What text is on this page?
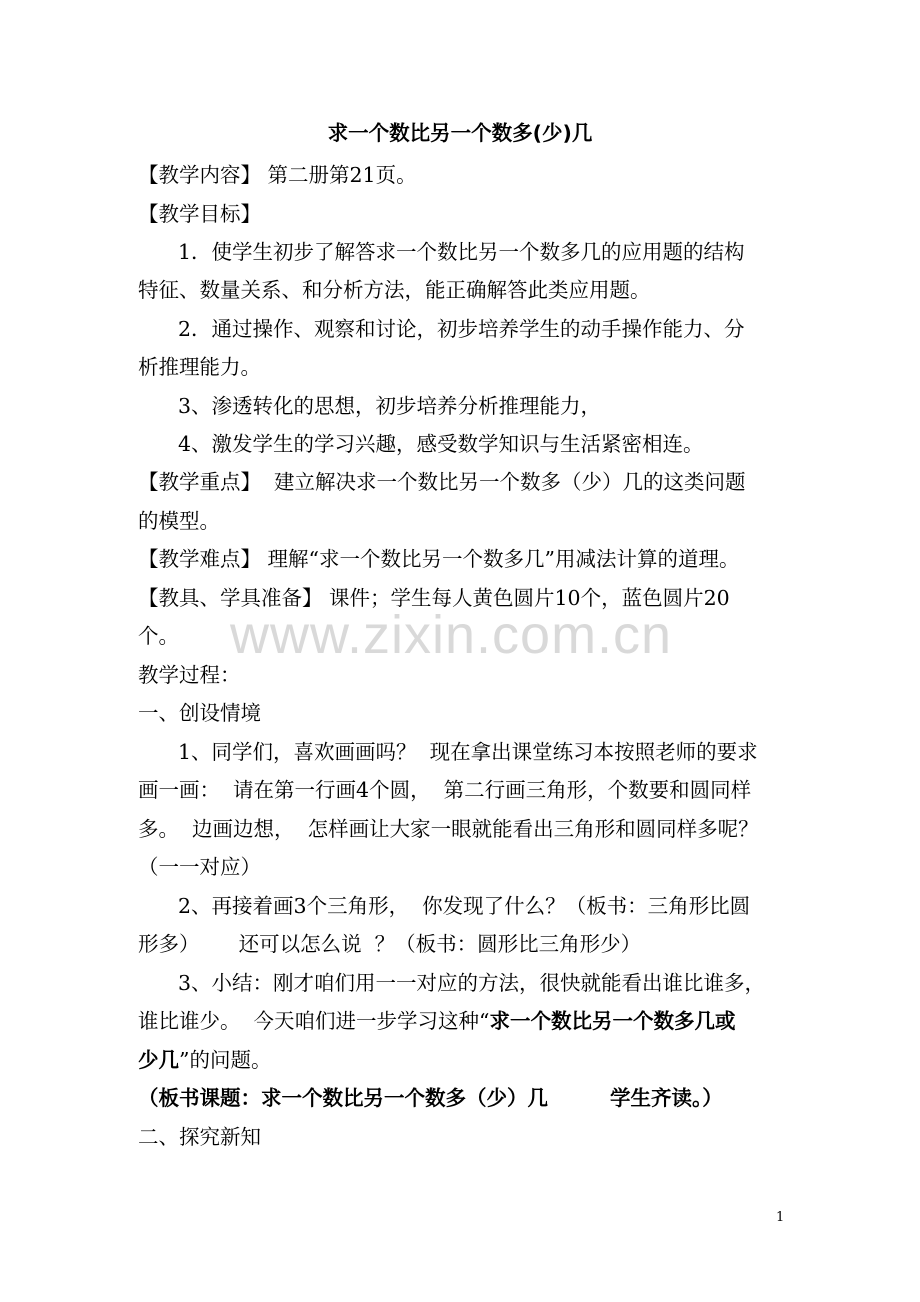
求一个数比另一个数多(少)几
【教学内容】 第二册第21页。
【教学目标】
1．使学生初步了解答求一个数比另一个数多几的应用题的结构
特征、数量关系、和分析方法，能正确解答此类应用题。
2．通过操作、观察和讨论，初步培养学生的动手操作能力、分
析推理能力。
3、渗透转化的思想，初步培养分析推理能力，
4、激发学生的学习兴趣，感受数学知识与生活紧密相连。
【教学重点】  建立解决求一个数比另一个数多（少）几的这类问题
的模型。
【教学难点】 理解“求一个数比另一个数多几”用减法计算的道理。
【教具、学具准备】 课件；学生每人黄色圆片10个，蓝色圆片20
个。 www.zixin.com.cn
教学过程：
一、创设情境
1、同学们，喜欢画画吗？  现在拿出课堂练习本按照老师的要求
画一画：  请在第一行画4个圆，  第二行画三角形，个数要和圆同样
多。  边画边想，  怎样画让大家一眼就能看出三角形和圆同样多呢？
（一一对应）
2、再接着画3个三角形，  你发现了什么？（板书：三角形比圆
形多）      还可以怎么说  ？（板书：圆形比三角形少）
3、小结：刚才咱们用一一对应的方法，很快就能看出谁比谁多，
谁比谁少。  今天咱们进一步学习这种“求一个数比另一个数多几或
少几”的问题。
（板书课题：求一个数比另一个数多（少）几	学生齐读。）
二、探究新知
1
